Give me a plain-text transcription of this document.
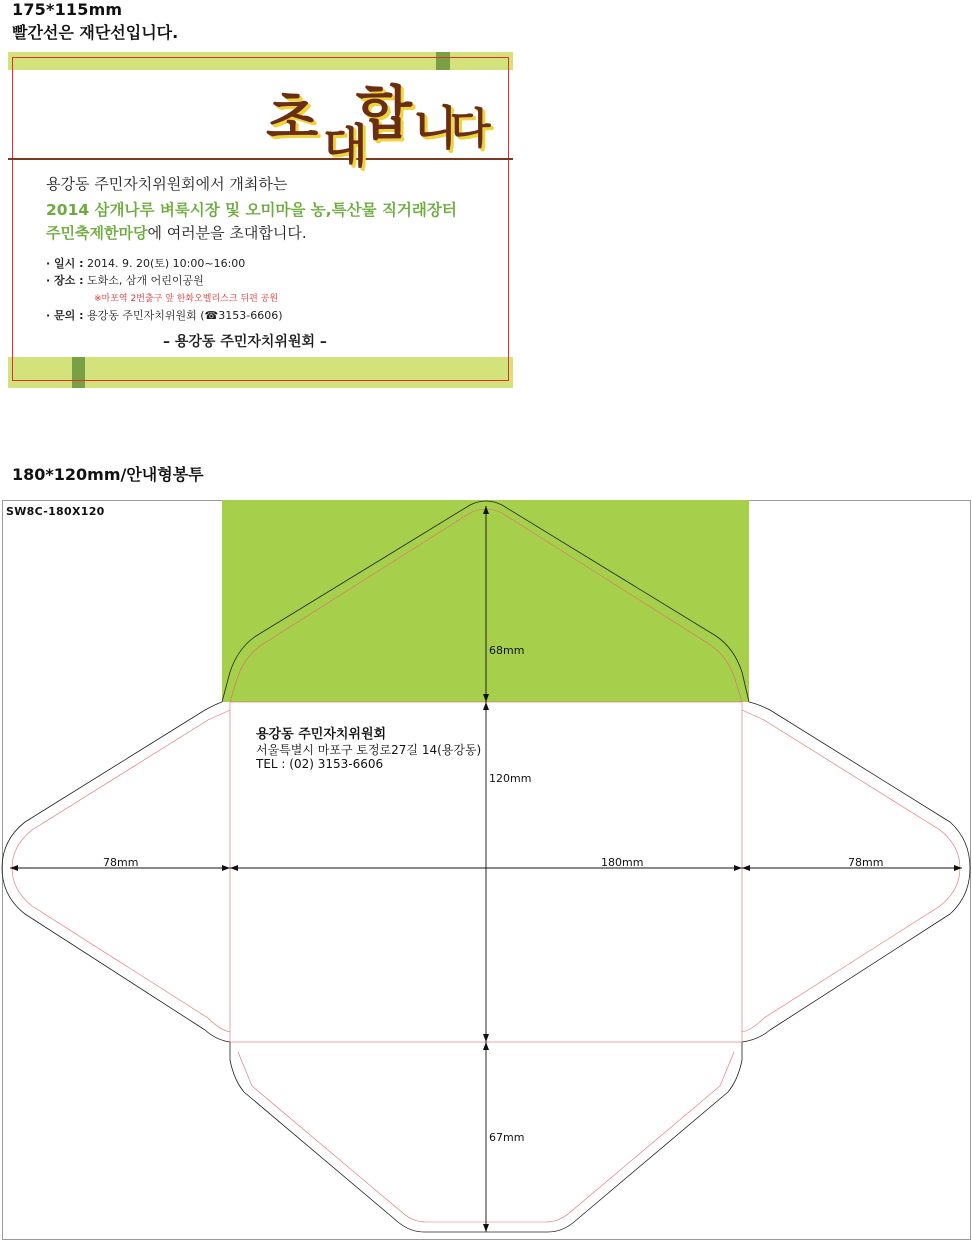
175*115mm
빨간선은 재단선입니다.
초 대
합 니
다
용강동 주민자치위원회에서 개최하는
2014 삼개나루 벼룩시장 및 오미마을 농,특산물 직거래장터
주민축제한마당에 여러분을 초대합니다.
· 일시 : 2014. 9. 20(토) 10:00~16:00
· 장소 : 도화소, 삼개 어린이공원
※마포역 2번출구 앞 한화오벨리스크 뒤편 공원
· 문의 : 용강동 주민자치위원회 (☎3153-6606)
– 용강동 주민자치위원회 –
180*120mm/안내형봉투
SW8C-180X120
68mm
120mm
78mm	180mm	78mm
67mm
용강동 주민자치위원회
서울특별시 마포구 토정로27길 14(용강동)
TEL : (02) 3153-6606
